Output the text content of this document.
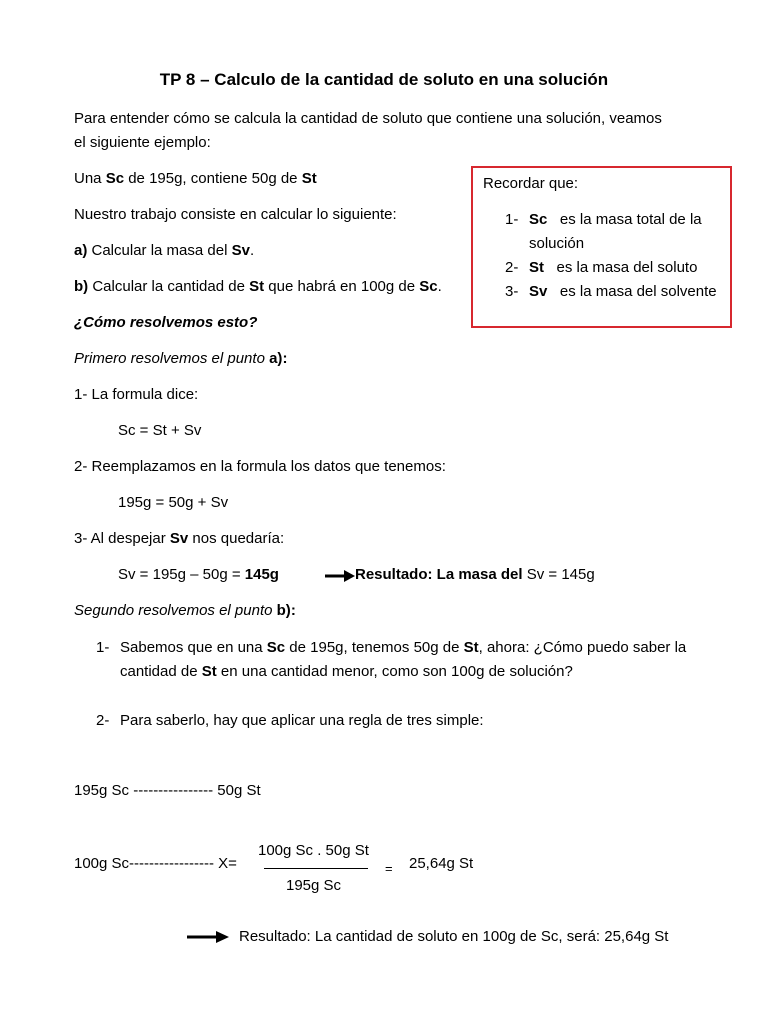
TP 8 – Calculo de la cantidad de soluto en una solución
Para entender cómo se calcula la cantidad de soluto que contiene una solución, veamos
el siguiente ejemplo:
Una Sc de 195g, contiene 50g de St
Nuestro trabajo consiste en calcular lo siguiente:
a) Calcular la masa del Sv.
b) Calcular la cantidad de St que habrá en 100g de Sc.
¿Cómo resolvemos esto?
Primero resolvemos el punto a):
1- La formula dice:
Sc = St + Sv
2- Reemplazamos en la formula los datos que tenemos:
195g = 50g + Sv
3- Al despejar Sv nos quedaría:
Sv = 195g – 50g = 145g	Resultado: La masa del Sv = 145g
Segundo resolvemos el punto b):
1- Sabemos que en una Sc de 195g, tenemos 50g de St, ahora: ¿Cómo puedo saber la
cantidad de St en una cantidad menor, como son 100g de solución?
2- Para saberlo, hay que aplicar una regla de tres simple:
195g Sc ---------------- 50g St
100g Sc . 50g St
100g Sc----------------- X=	= 25,64g St
195g Sc
Resultado: La cantidad de soluto en 100g de Sc, será: 25,64g St
Recordar que:
1- Sc es la masa total de la solución
2- St es la masa del soluto
3- Sv es la masa del solvente
